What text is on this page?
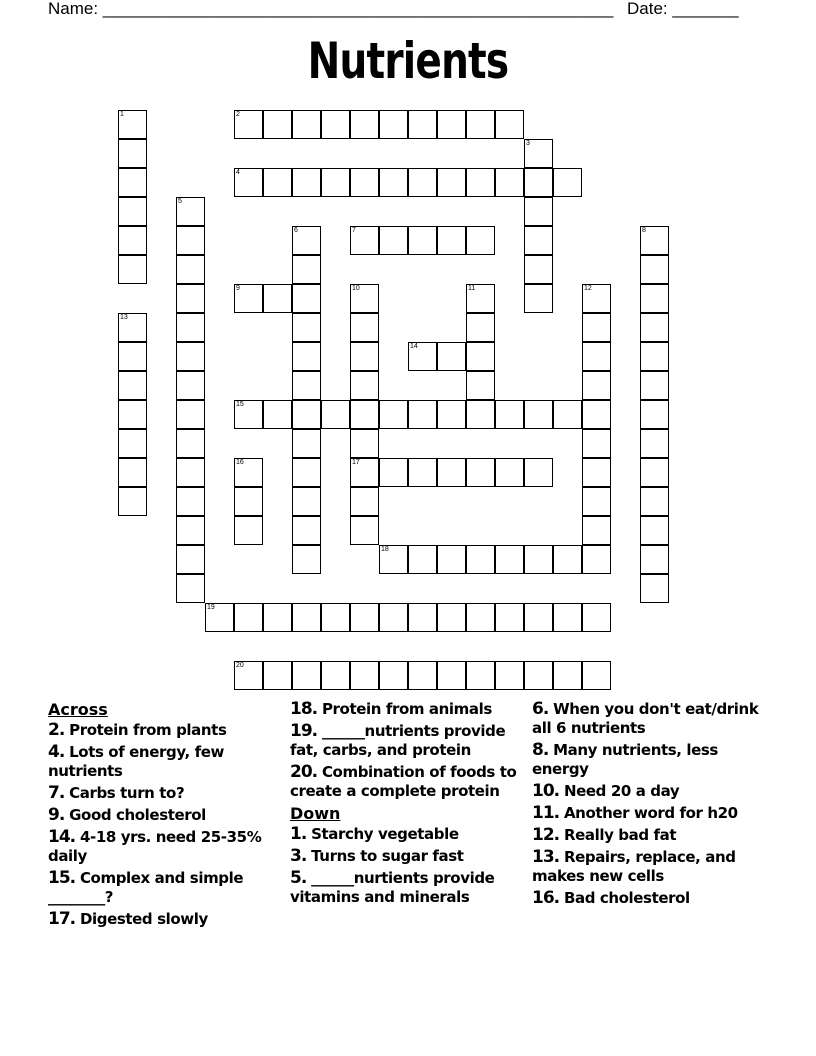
Name: ______________________________________________________ Date: _______
Nutrients
1	2
3
4
5
6	7	8
9	10
17
11	12
13
14
15
16
18
19
20
Across
2. Protein from plants
4. Lots of energy, few nutrients
7. Carbs turn to?
9. Good cholesterol
14. 4-18 yrs. need 25-35% daily
15. Complex and simple ________?
17. Digested slowly
18. Protein from animals
19. ______nutrients provide fat, carbs, and protein
20. Combination of foods to create a complete protein
Down
1. Starchy vegetable
3. Turns to sugar fast
5. ______nurtients provide vitamins and minerals
6. When you don't eat/drink all 6 nutrients
8. Many nutrients, less energy
10. Need 20 a day
11. Another word for h20
12. Really bad fat
13. Repairs, replace, and makes new cells
16. Bad cholesterol
